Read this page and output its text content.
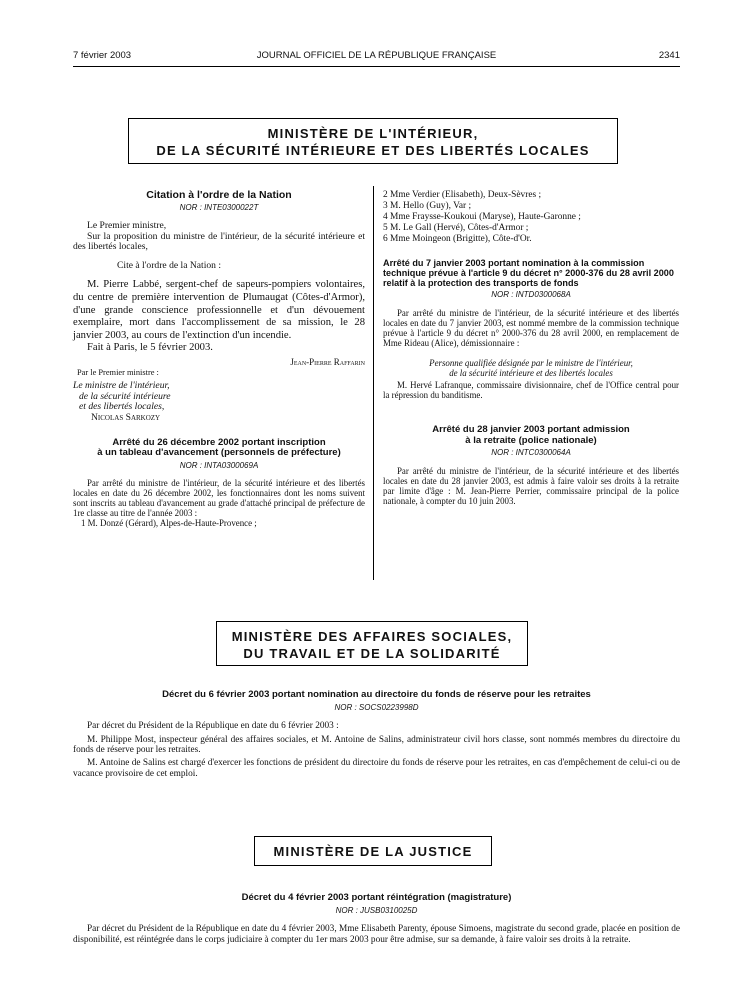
7 février 2003	JOURNAL OFFICIEL DE LA RÉPUBLIQUE FRANÇAISE	2341
MINISTÈRE DE L'INTÉRIEUR,
DE LA SÉCURITÉ INTÉRIEURE ET DES LIBERTÉS LOCALES
Citation à l'ordre de la Nation
NOR : INTE0300022T

Le Premier ministre,

Sur la proposition du ministre de l'intérieur, de la sécurité intérieure et des libertés locales,

Cite à l'ordre de la Nation :

M. Pierre Labbé, sergent-chef de sapeurs-pompiers volontaires, du centre de première intervention de Plumaugat (Côtes-d'Armor), d'une grande conscience professionnelle et d'un dévouement exemplaire, mort dans l'accomplissement de sa mission, le 28 janvier 2003, au cours de l'extinction d'un incendie.

Fait à Paris, le 5 février 2003.

Jean-Pierre Raffarin
Par le Premier ministre :
Le ministre de l'intérieur,
de la sécurité intérieure
et des libertés locales,
Nicolas Sarkozy
Arrêté du 26 décembre 2002 portant inscription
à un tableau d'avancement (personnels de préfecture)
NOR : INTA0300069A

Par arrêté du ministre de l'intérieur, de la sécurité intérieure et des libertés locales en date du 26 décembre 2002, les fonctionnaires dont les noms suivent sont inscrits au tableau d'avancement au grade d'attaché principal de préfecture de 1re classe au titre de l'année 2003 :

1 M. Donzé (Gérard), Alpes-de-Haute-Provence ;
2 Mme Verdier (Elisabeth), Deux-Sèvres ;
3 M. Hello (Guy), Var ;
4 Mme Fraysse-Koukoui (Maryse), Haute-Garonne ;
5 M. Le Gall (Hervé), Côtes-d'Armor ;
6 Mme Moingeon (Brigitte), Côte-d'Or.
Arrêté du 7 janvier 2003 portant nomination à la commission technique prévue à l'article 9 du décret n° 2000-376 du 28 avril 2000 relatif à la protection des transports de fonds
NOR : INTD0300068A

Par arrêté du ministre de l'intérieur, de la sécurité intérieure et des libertés locales en date du 7 janvier 2003, est nommé membre de la commission technique prévue à l'article 9 du décret n° 2000-376 du 28 avril 2000, en remplacement de Mme Rideau (Alice), démissionnaire :

Personne qualifiée désignée par le ministre de l'intérieur,
de la sécurité intérieure et des libertés locales

M. Hervé Lafranque, commissaire divisionnaire, chef de l'Office central pour la répression du banditisme.

Arrêté du 28 janvier 2003 portant admission
à la retraite (police nationale)
NOR : INTC0300064A

Par arrêté du ministre de l'intérieur, de la sécurité intérieure et des libertés locales en date du 28 janvier 2003, est admis à faire valoir ses droits à la retraite par limite d'âge : M. Jean-Pierre Perrier, commissaire principal de la police nationale, à compter du 10 juin 2003.

MINISTÈRE DES AFFAIRES SOCIALES,
DU TRAVAIL ET DE LA SOLIDARITÉ
Décret du 6 février 2003 portant nomination au directoire du fonds de réserve pour les retraites
NOR : SOCS0223998D

Par décret du Président de la République en date du 6 février 2003 :

M. Philippe Most, inspecteur général des affaires sociales, et M. Antoine de Salins, administrateur civil hors classe, sont nommés membres du directoire du fonds de réserve pour les retraites.

M. Antoine de Salins est chargé d'exercer les fonctions de président du directoire du fonds de réserve pour les retraites, en cas d'empêchement de celui-ci ou de vacance provisoire de cet emploi.

MINISTÈRE DE LA JUSTICE
Décret du 4 février 2003 portant réintégration (magistrature)
NOR : JUSB0310025D

Par décret du Président de la République en date du 4 février 2003, Mme Elisabeth Parenty, épouse Simoens, magistrate du second grade, placée en position de disponibilité, est réintégrée dans le corps judiciaire à compter du 1er mars 2003 pour être admise, sur sa demande, à faire valoir ses droits à la retraite.
